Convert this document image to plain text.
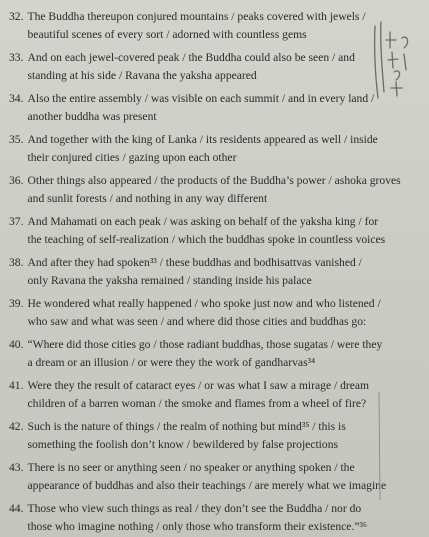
32. The Buddha thereupon conjured mountains / peaks covered with jewels /
beautiful scenes of every sort / adorned with countless gems
33. And on each jewel-covered peak / the Buddha could also be seen / and
standing at his side / Ravana the yaksha appeared
34. Also the entire assembly / was visible on each summit / and in every land /
another buddha was present
35. And together with the king of Lanka / its residents appeared as well / inside
their conjured cities / gazing upon each other
36. Other things also appeared / the products of the Buddha’s power / ashoka groves
and sunlit forests / and nothing in any way different
37. And Mahamati on each peak / was asking on behalf of the yaksha king / for
the teaching of self-realization / which the buddhas spoke in countless voices
38. And after they had spoken³³ / these buddhas and bodhisattvas vanished /
only Ravana the yaksha remained / standing inside his palace
39. He wondered what really happened / who spoke just now and who listened /
who saw and what was seen / and where did those cities and buddhas go:
40. “Where did those cities go / those radiant buddhas, those sugatas / were they
a dream or an illusion / or were they the work of gandharvas³⁴
41. Were they the result of cataract eyes / or was what I saw a mirage / dream
children of a barren woman / the smoke and flames from a wheel of fire?
42. Such is the nature of things / the realm of nothing but mind³⁵ / this is
something the foolish don’t know / bewildered by false projections
43. There is no seer or anything seen / no speaker or anything spoken / the
appearance of buddhas and also their teachings / are merely what we imagine
44. Those who view such things as real / they don’t see the Buddha / nor do
those who imagine nothing / only those who transform their existence.”³⁶
